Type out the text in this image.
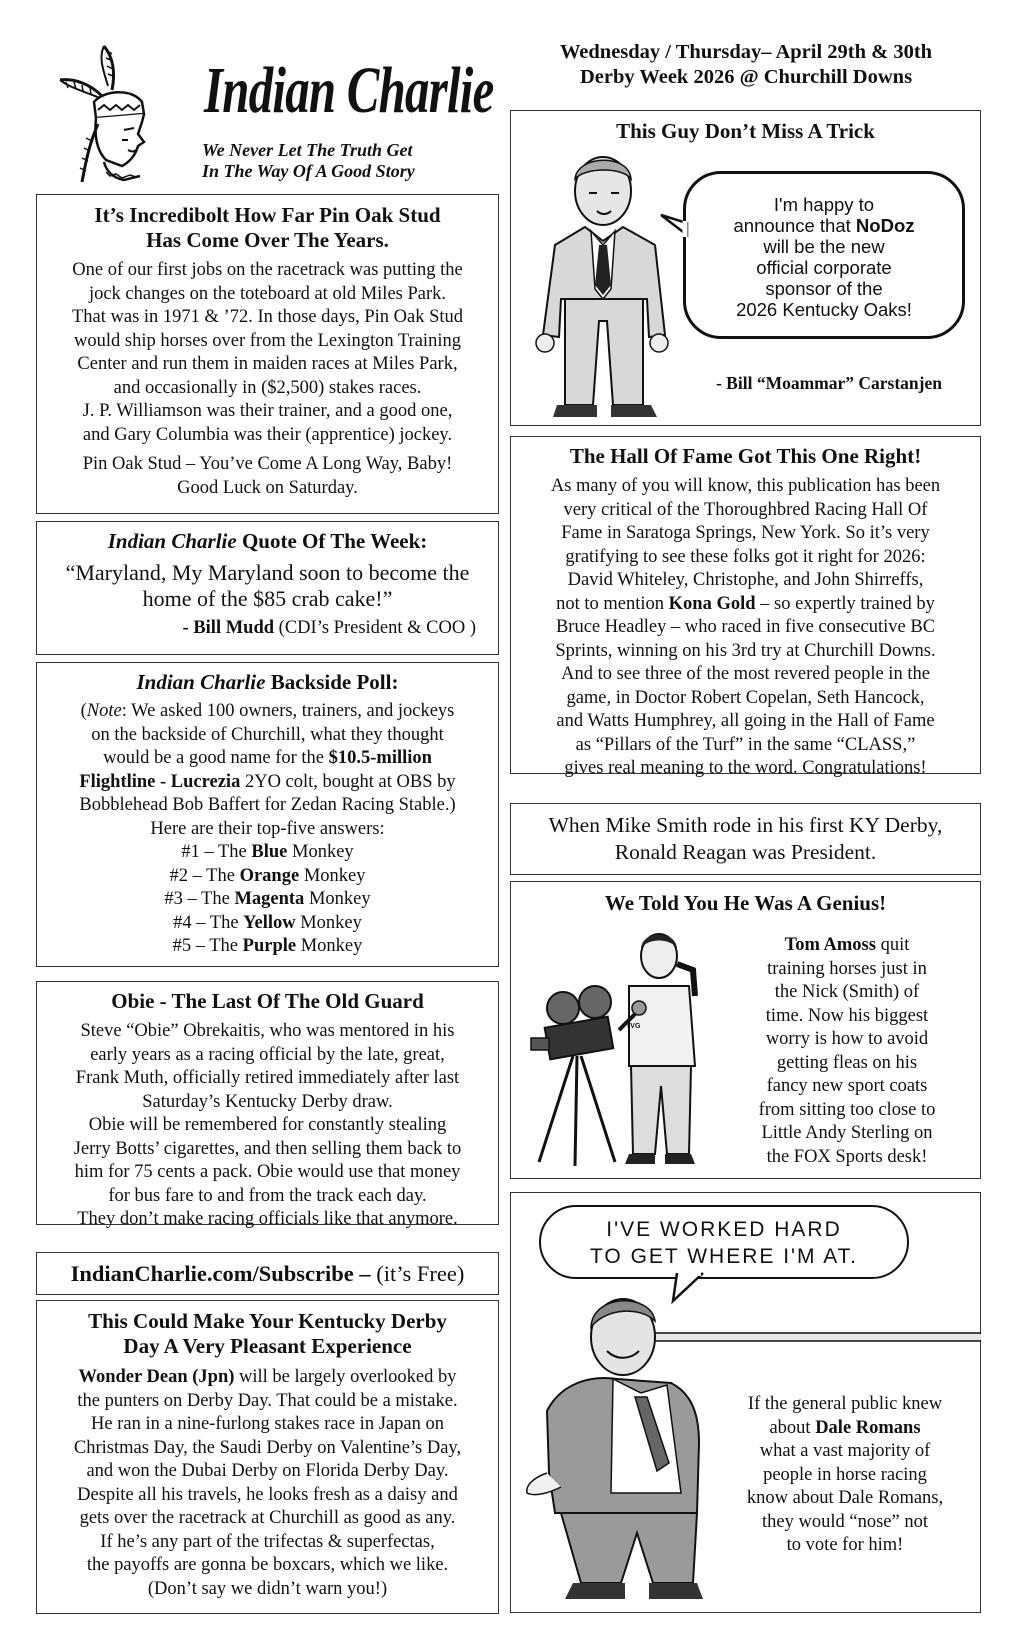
Indian Charlie
We Never Let The Truth Get
In The Way Of A Good Story
Wednesday / Thursday– April 29th & 30th
Derby Week 2026 @ Churchill Downs
It’s Incredibolt How Far Pin Oak Stud
Has Come Over The Years.
One of our first jobs on the racetrack was putting the
jock changes on the toteboard at old Miles Park.
That was in 1971 & ’72. In those days, Pin Oak Stud
would ship horses over from the Lexington Training
Center and run them in maiden races at Miles Park,
and occasionally in ($2,500) stakes races.
J. P. Williamson was their trainer, and a good one,
and Gary Columbia was their (apprentice) jockey.
Pin Oak Stud – You’ve Come A Long Way, Baby!
Good Luck on Saturday.
Indian Charlie Quote Of The Week:
“Maryland, My Maryland soon to become the
home of the $85 crab cake!”
- Bill Mudd (CDI’s President & COO )
Indian Charlie Backside Poll:
(Note: We asked 100 owners, trainers, and jockeys
on the backside of Churchill, what they thought
would be a good name for the $10.5-million
Flightline - Lucrezia 2YO colt, bought at OBS by
Bobblehead Bob Baffert for Zedan Racing Stable.)
Here are their top-five answers:
#1 – The Blue Monkey
#2 – The Orange Monkey
#3 – The Magenta Monkey
#4 – The Yellow Monkey
#5 – The Purple Monkey
Obie - The Last Of The Old Guard
Steve “Obie” Obrekaitis, who was mentored in his
early years as a racing official by the late, great,
Frank Muth, officially retired immediately after last
Saturday’s Kentucky Derby draw.
Obie will be remembered for constantly stealing
Jerry Botts’ cigarettes, and then selling them back to
him for 75 cents a pack. Obie would use that money
for bus fare to and from the track each day.
They don’t make racing officials like that anymore.
IndianCharlie.com/Subscribe – (it’s Free)
This Could Make Your Kentucky Derby
Day A Very Pleasant Experience
Wonder Dean (Jpn) will be largely overlooked by
the punters on Derby Day. That could be a mistake.
He ran in a nine-furlong stakes race in Japan on
Christmas Day, the Saudi Derby on Valentine’s Day,
and won the Dubai Derby on Florida Derby Day.
Despite all his travels, he looks fresh as a daisy and
gets over the racetrack at Churchill as good as any.
If he’s any part of the trifectas & superfectas,
the payoffs are gonna be boxcars, which we like.
(Don’t say we didn’t warn you!)
This Guy Don’t Miss A Trick
I'm happy to
announce that NoDoz
will be the new
official corporate
sponsor of the
2026 Kentucky Oaks!
- Bill “Moammar” Carstanjen
The Hall Of Fame Got This One Right!
As many of you will know, this publication has been
very critical of the Thoroughbred Racing Hall Of
Fame in Saratoga Springs, New York. So it’s very
gratifying to see these folks got it right for 2026:
David Whiteley, Christophe, and John Shirreffs,
not to mention Kona Gold – so expertly trained by
Bruce Headley – who raced in five consecutive BC
Sprints, winning on his 3rd try at Churchill Downs.
And to see three of the most revered people in the
game, in Doctor Robert Copelan, Seth Hancock,
and Watts Humphrey, all going in the Hall of Fame
as “Pillars of the Turf” in the same “CLASS,”
gives real meaning to the word. Congratulations!
When Mike Smith rode in his first KY Derby,
Ronald Reagan was President.
We Told You He Was A Genius!
TVG
Tom Amoss quit
training horses just in
the Nick (Smith) of
time. Now his biggest
worry is how to avoid
getting fleas on his
fancy new sport coats
from sitting too close to
Little Andy Sterling on
the FOX Sports desk!
I'VE WORKED HARD
TO GET WHERE I'M AT.
If the general public knew
about Dale Romans
what a vast majority of
people in horse racing
know about Dale Romans,
they would “nose” not
to vote for him!
